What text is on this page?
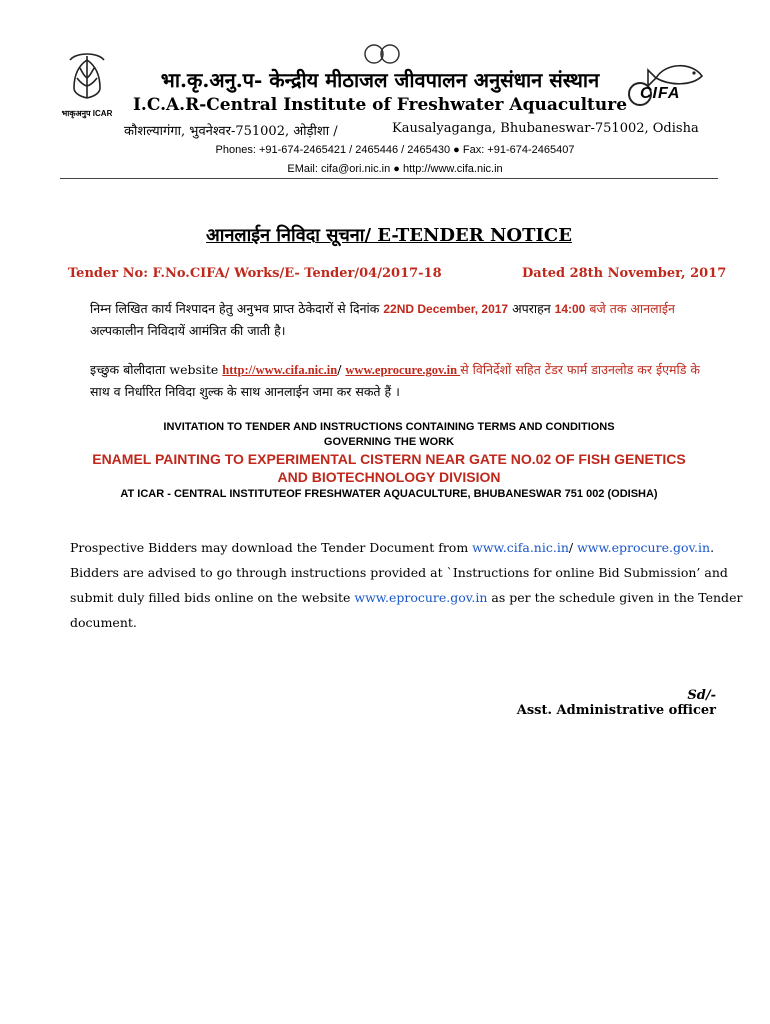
भाकृअनुप ICAR
CIFA
भा.कृ.अनु.प- केन्द्रीय मीठाजल जीवपालन अनुसंधान संस्थान
I.C.A.R-Central Institute of Freshwater Aquaculture
कौशल्यागंगा, भुवनेश्वर-751002, ओड़ीशा /	Kausalyaganga, Bhubaneswar-751002, Odisha
Phones: +91-674-2465421 / 2465446 / 2465430 ● Fax: +91-674-2465407
EMail: cifa@ori.nic.in ● http://www.cifa.nic.in
आनलाईन निविदा सूचना/ E-TENDER NOTICE
Tender No: F.No.CIFA/ Works/E- Tender/04/2017-18	Dated 28th November, 2017
निम्न लिखित कार्य निश्पादन हेतु अनुभव प्राप्त ठेकेदारों से दिनांक 22ND December, 2017 अपराहन 14:00 बजे तक आनलाईन
अल्पकालीन निविदायें आमंत्रित की जाती है।
इच्छुक बोलीदाता website http://www.cifa.nic.in/ www.eprocure.gov.in से विनिर्देशों सहित टेंडर फार्म डाउनलोड कर ईएमडि के
साथ व निर्धारित निविदा शुल्क के साथ आनलाईन जमा कर सकते हैं ।
INVITATION TO TENDER AND INSTRUCTIONS CONTAINING TERMS AND CONDITIONS
GOVERNING THE WORK
ENAMEL PAINTING TO EXPERIMENTAL CISTERN NEAR GATE NO.02 OF FISH GENETICS
AND BIOTECHNOLOGY DIVISION
AT ICAR - CENTRAL INSTITUTEOF FRESHWATER AQUACULTURE, BHUBANESWAR 751 002 (ODISHA)
Prospective Bidders may download the Tender Document from www.cifa.nic.in/ www.eprocure.gov.in.
Bidders are advised to go through instructions provided at `Instructions for online Bid Submission’ and
submit duly filled bids online on the website www.eprocure.gov.in as per the schedule given in the Tender
document.
Sd/-
Asst. Administrative officer
